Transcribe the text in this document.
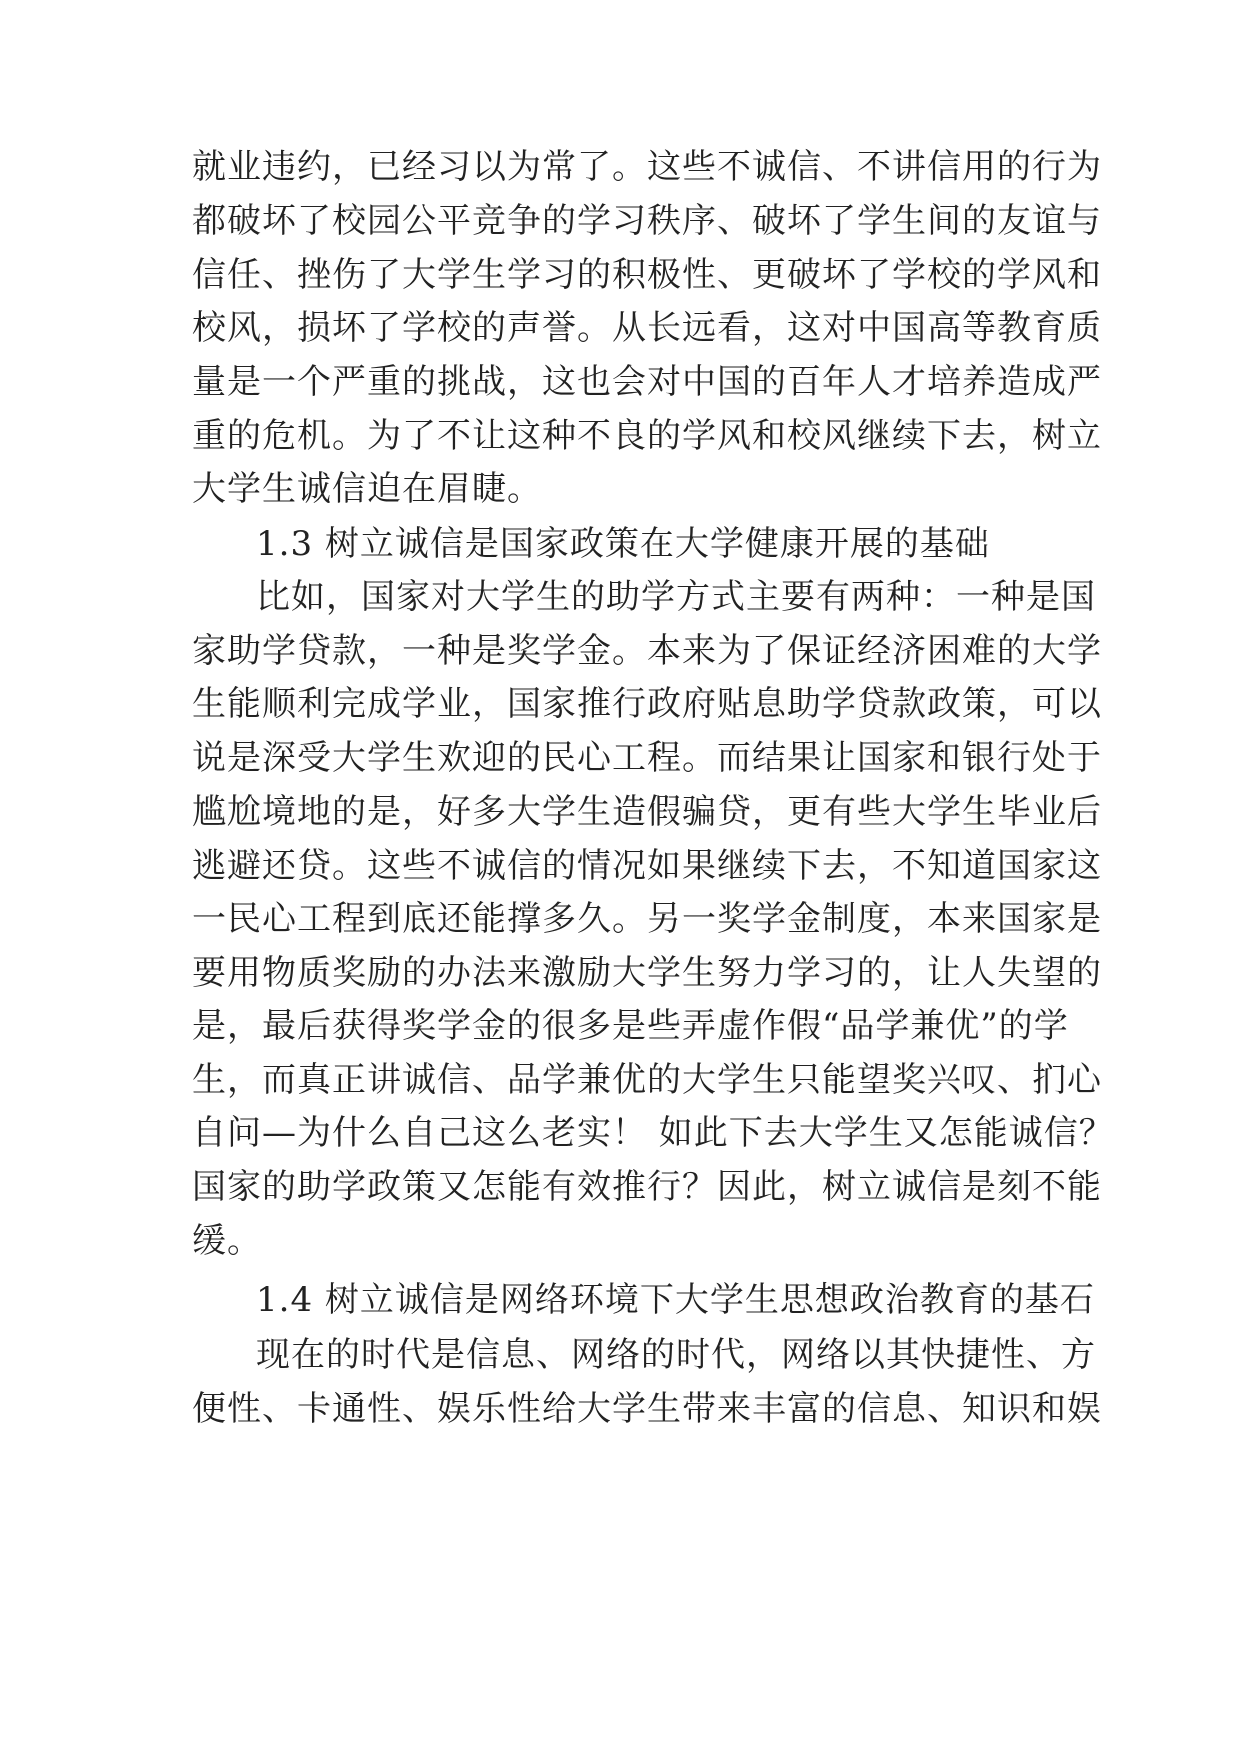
就业违约，已经习以为常了。这些不诚信、不讲信用的行为
都破坏了校园公平竞争的学习秩序、破坏了学生间的友谊与
信任、挫伤了大学生学习的积极性、更破坏了学校的学风和
校风，损坏了学校的声誉。从长远看，这对中国高等教育质
量是一个严重的挑战，这也会对中国的百年人才培养造成严
重的危机。为了不让这种不良的学风和校风继续下去，树立
大学生诚信迫在眉睫。
1.3 树立诚信是国家政策在大学健康开展的基础
比如，国家对大学生的助学方式主要有两种：一种是国
家助学贷款，一种是奖学金。本来为了保证经济困难的大学
生能顺利完成学业，国家推行政府贴息助学贷款政策，可以
说是深受大学生欢迎的民心工程。而结果让国家和银行处于
尴尬境地的是，好多大学生造假骗贷，更有些大学生毕业后
逃避还贷。这些不诚信的情况如果继续下去，不知道国家这
一民心工程到底还能撑多久。另一奖学金制度，本来国家是
要用物质奖励的办法来激励大学生努力学习的，让人失望的
是，最后获得奖学金的很多是些弄虚作假“品学兼优”的学
生，而真正讲诚信、品学兼优的大学生只能望奖兴叹、扪心
自问—为什么自己这么老实！ 如此下去大学生又怎能诚信？
国家的助学政策又怎能有效推行？因此，树立诚信是刻不能
缓。
1.4 树立诚信是网络环境下大学生思想政治教育的基石
现在的时代是信息、网络的时代，网络以其快捷性、方
便性、卡通性、娱乐性给大学生带来丰富的信息、知识和娱
